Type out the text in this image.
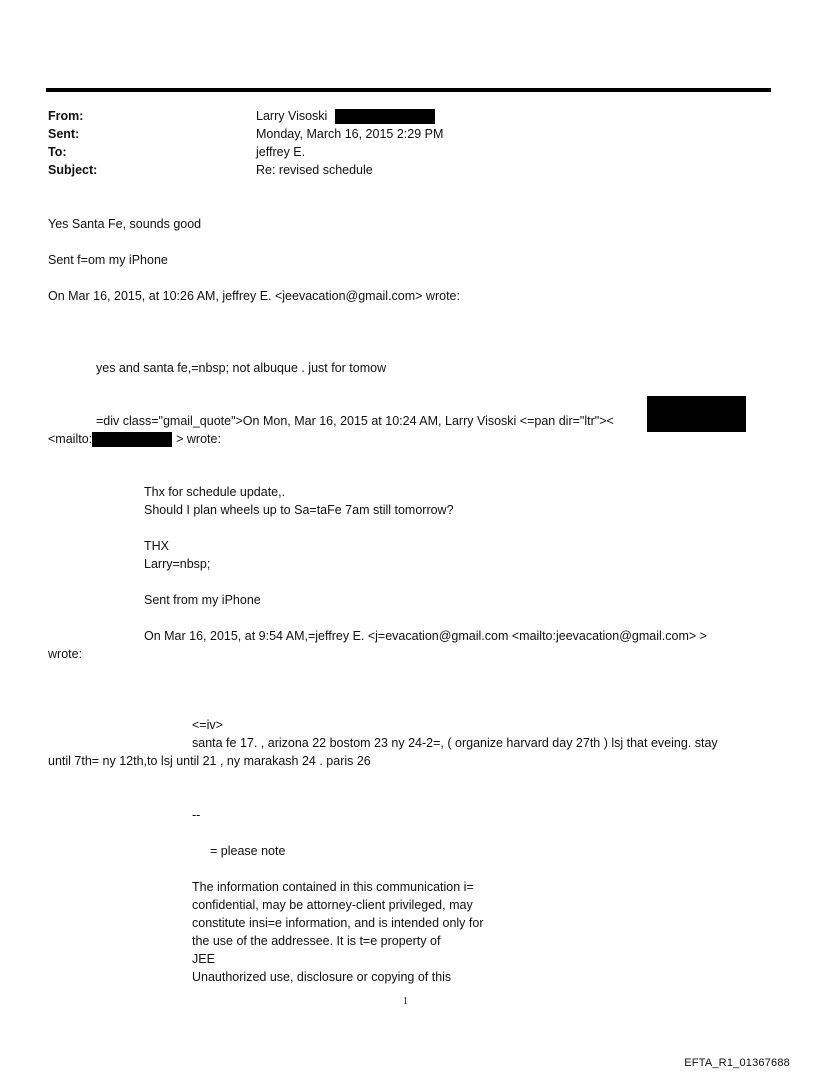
From:
Sent:
To:
Subject:
Larry Visoski
Monday, March 16, 2015 2:29 PM
jeffrey E.
Re: revised schedule
Yes Santa Fe, sounds good
Sent f=om my iPhone
On Mar 16, 2015, at 10:26 AM, jeffrey E. <jeevacation@gmail.com> wrote:
yes and santa fe,=nbsp; not albuque . just for tomow
=div class="gmail_quote">On Mon, Mar 16, 2015 at 10:24 AM, Larry Visoski <=pan dir="ltr"><
<mailto:	> wrote:
Thx for schedule update,.
Should I plan wheels up to Sa=taFe 7am still tomorrow?
THX
Larry=nbsp;
Sent from my iPhone
On Mar 16, 2015, at 9:54 AM,=jeffrey E. <j=evacation@gmail.com <mailto:jeevacation@gmail.com> >
wrote:
<=iv>
santa fe 17. , arizona 22 bostom 23 ny 24-2=, ( organize harvard day 27th ) lsj that eveing. stay
until 7th= ny 12th,to lsj until 21 , ny marakash 24 . paris 26
--
= please note
The information contained in this communication i=
confidential, may be attorney-client privileged, may
constitute insi=e information, and is intended only for
the use of the addressee. It is t=e property of
JEE
Unauthorized use, disclosure or copying of this
1
EFTA_R1_01367688
